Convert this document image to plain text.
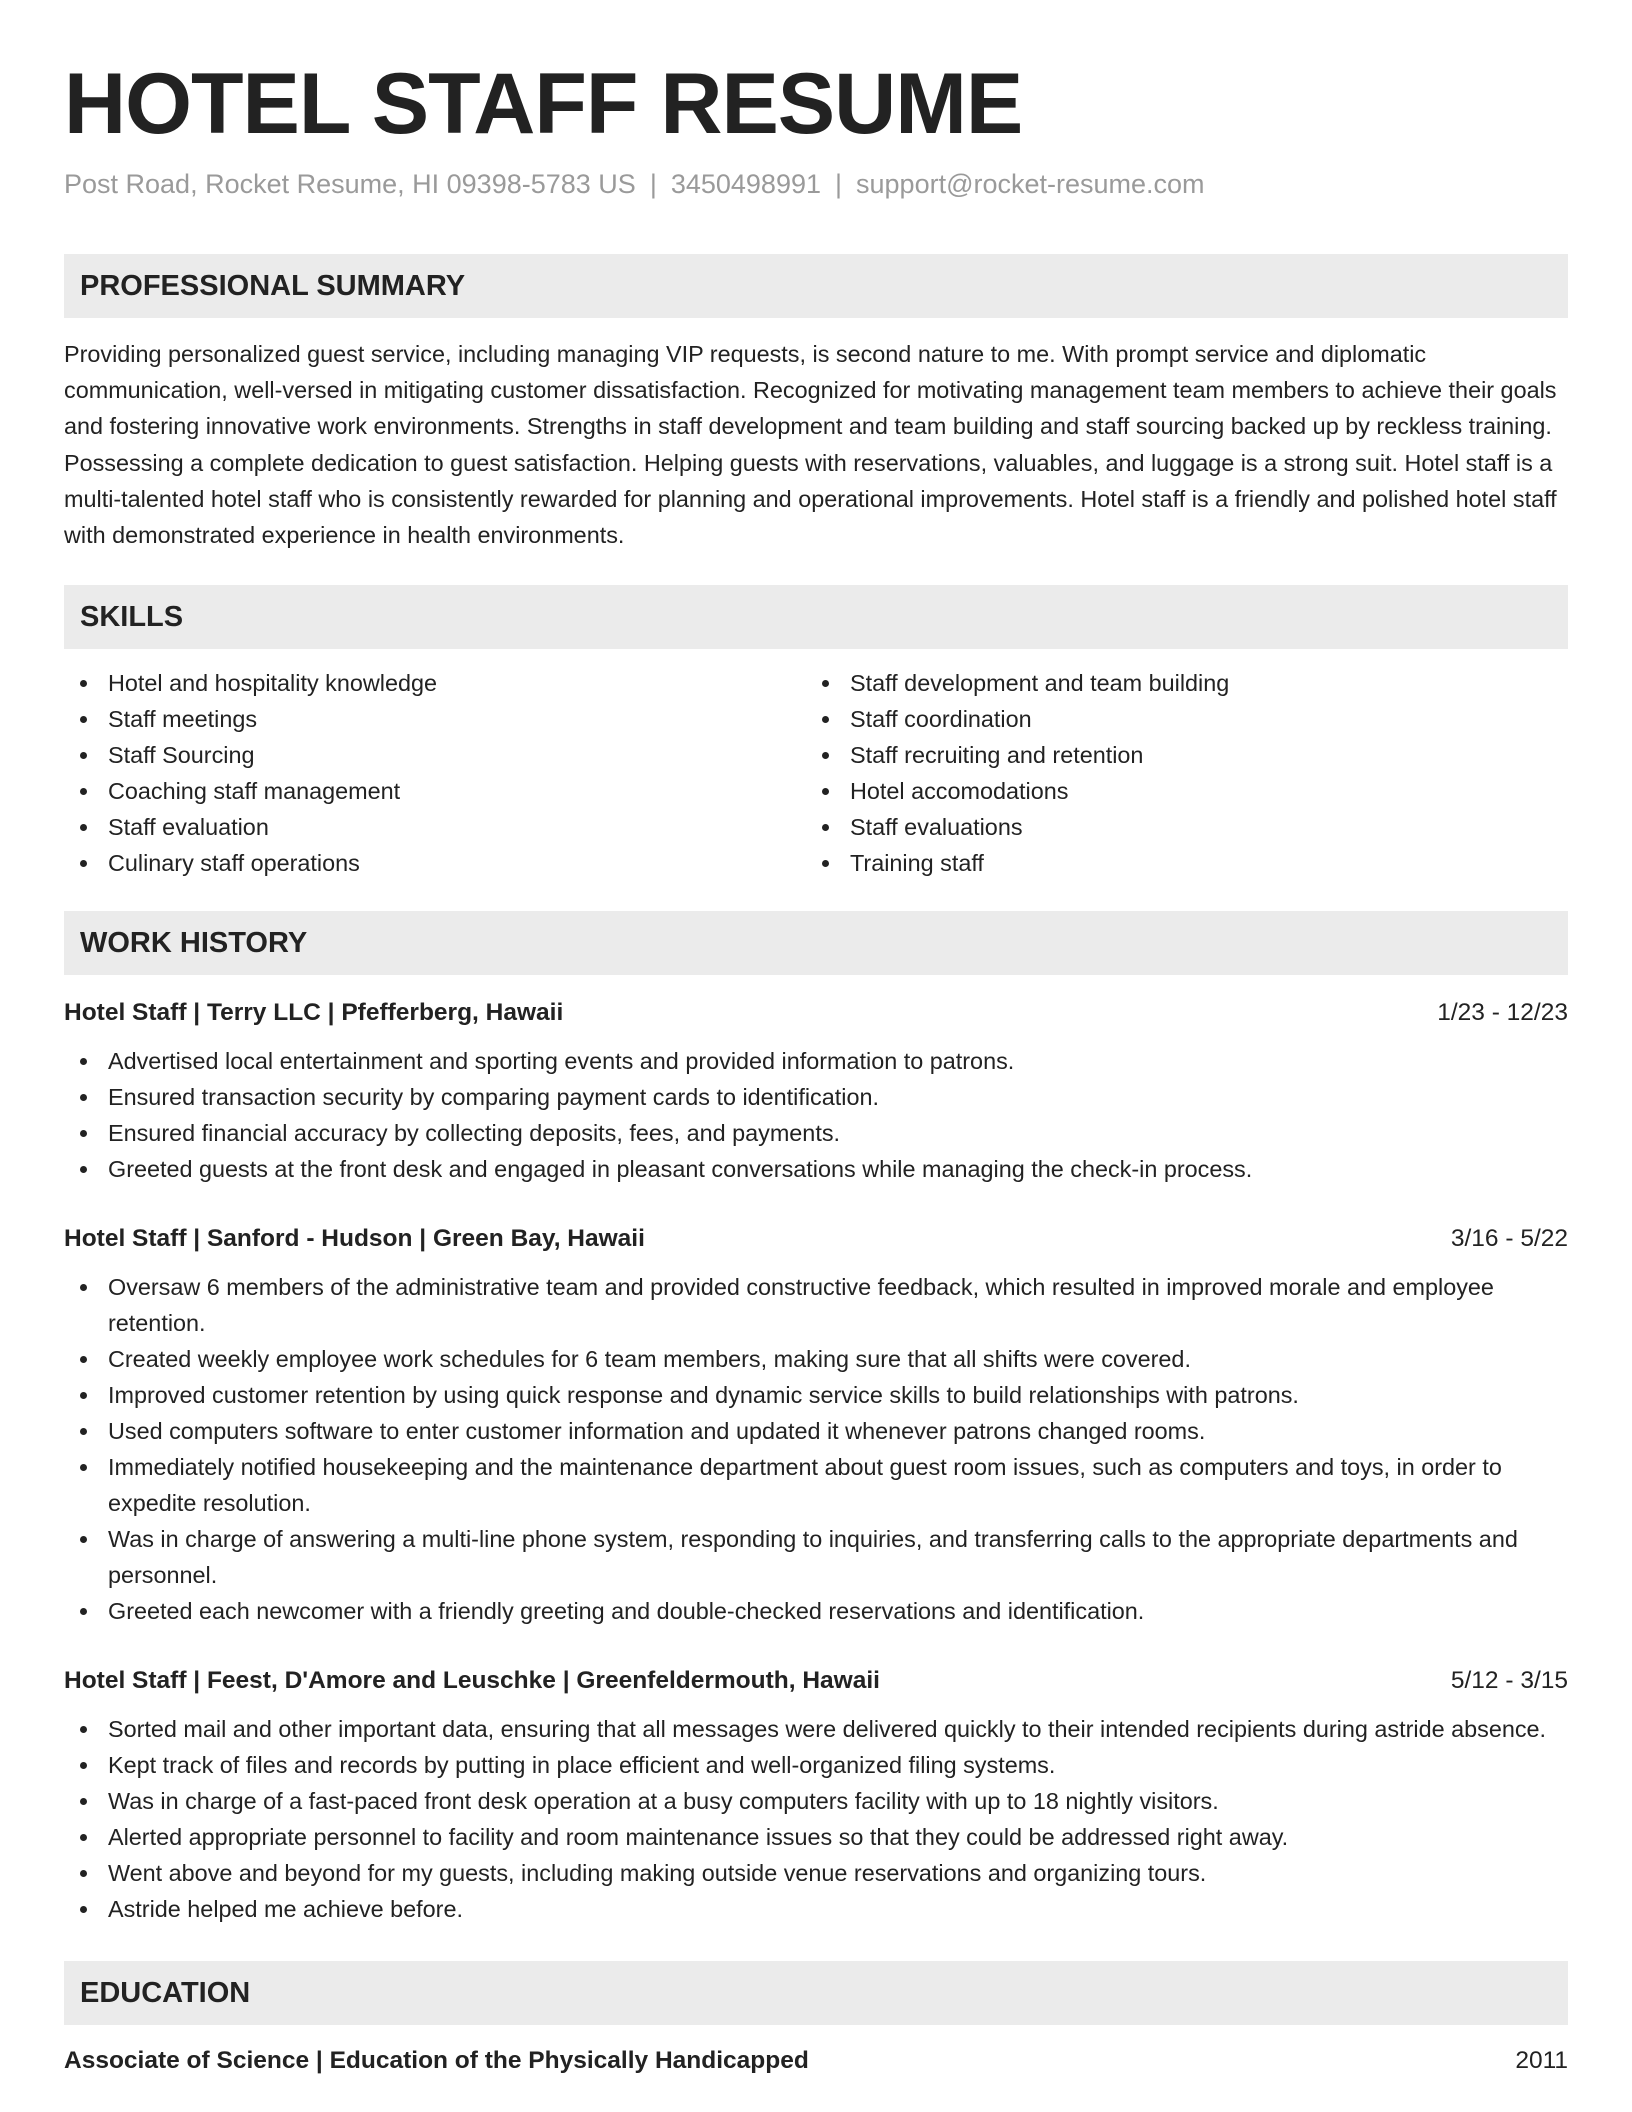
HOTEL STAFF RESUME
Post Road, Rocket Resume, HI 09398-5783 US | 3450498991 | support@rocket-resume.com
PROFESSIONAL SUMMARY

Providing personalized guest service, including managing VIP requests, is second nature to me. With prompt service and diplomatic communication, well-versed in mitigating customer dissatisfaction. Recognized for motivating management team members to achieve their goals and fostering innovative work environments. Strengths in staff development and team building and staff sourcing backed up by reckless training. Possessing a complete dedication to guest satisfaction. Helping guests with reservations, valuables, and luggage is a strong suit. Hotel staff is a multi-talented hotel staff who is consistently rewarded for planning and operational improvements. Hotel staff is a friendly and polished hotel staff with demonstrated experience in health environments.

SKILLS
Hotel and hospitality knowledge
Staff meetings
Staff Sourcing
Coaching staff management
Staff evaluation
Culinary staff operations
Staff development and team building
Staff coordination
Staff recruiting and retention
Hotel accomodations
Staff evaluations
Training staff
WORK HISTORY
Hotel Staff | Terry LLC | Pfefferberg, Hawaii	1/23 - 12/23
Advertised local entertainment and sporting events and provided information to patrons.
Ensured transaction security by comparing payment cards to identification.
Ensured financial accuracy by collecting deposits, fees, and payments.
Greeted guests at the front desk and engaged in pleasant conversations while managing the check-in process.
Hotel Staff | Sanford - Hudson | Green Bay, Hawaii	3/16 - 5/22
Oversaw 6 members of the administrative team and provided constructive feedback, which resulted in improved morale and employee retention.
Created weekly employee work schedules for 6 team members, making sure that all shifts were covered.
Improved customer retention by using quick response and dynamic service skills to build relationships with patrons.
Used computers software to enter customer information and updated it whenever patrons changed rooms.
Immediately notified housekeeping and the maintenance department about guest room issues, such as computers and toys, in order to expedite resolution.
Was in charge of answering a multi-line phone system, responding to inquiries, and transferring calls to the appropriate departments and personnel.
Greeted each newcomer with a friendly greeting and double-checked reservations and identification.
Hotel Staff | Feest, D'Amore and Leuschke | Greenfeldermouth, Hawaii	5/12 - 3/15
Sorted mail and other important data, ensuring that all messages were delivered quickly to their intended recipients during astride absence.
Kept track of files and records by putting in place efficient and well-organized filing systems.
Was in charge of a fast-paced front desk operation at a busy computers facility with up to 18 nightly visitors.
Alerted appropriate personnel to facility and room maintenance issues so that they could be addressed right away.
Went above and beyond for my guests, including making outside venue reservations and organizing tours.
Astride helped me achieve before.
EDUCATION
Associate of Science | Education of the Physically Handicapped	2011
